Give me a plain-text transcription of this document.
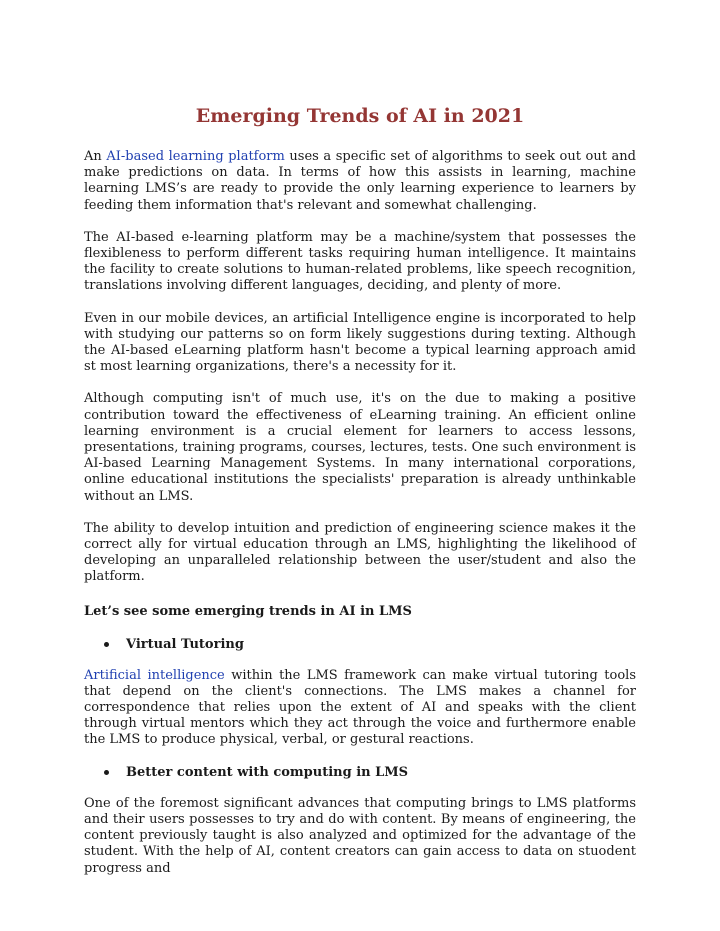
Emerging Trends of AI in 2021

An AI-based learning platform uses a specific set of algorithms to seek out out and make predictions on data. In terms of how this assists in learning, machine learning LMS’s are ready to provide the only learning experience to learners by feeding them information that's relevant and somewhat challenging.

The AI-based e-learning platform may be a machine/system that possesses the flexibleness to perform different tasks requiring human intelligence. It maintains the facility to create solutions to human-related problems, like speech recognition, translations involving different languages, deciding, and plenty of more.

Even in our mobile devices, an artificial Intelligence engine is incorporated to help with studying our patterns so on form likely suggestions during texting. Although the AI-based eLearning platform hasn't become a typical learning approach amid st most learning organizations, there's a necessity for it.

Although computing isn't of much use, it's on the due to making a positive contribution toward the effectiveness of eLearning training. An efficient online learning environment is a crucial element for learners to access lessons, presentations, training programs, courses, lectures, tests. One such environment is AI-based Learning Management Systems. In many international corporations, online educational institutions the specialists' preparation is already unthinkable without an LMS.

The ability to develop intuition and prediction of engineering science makes it the correct ally for virtual education through an LMS, highlighting the likelihood of developing an unparalleled relationship between the user/student and also the platform.

Let’s see some emerging trends in AI in LMS
Virtual Tutoring

Artificial intelligence within the LMS framework can make virtual tutoring tools that depend on the client's connections. The LMS makes a channel for correspondence that relies upon the extent of AI and speaks with the client through virtual mentors which they act through the voice and furthermore enable the LMS to produce physical, verbal, or gestural reactions.

Better content with computing in LMS

One of the foremost significant advances that computing brings to LMS platforms and their users possesses to try and do with content. By means of engineering, the content previously taught is also analyzed and optimized for the advantage of the student. With the help of AI, content creators can gain access to data on stuodent progress and
